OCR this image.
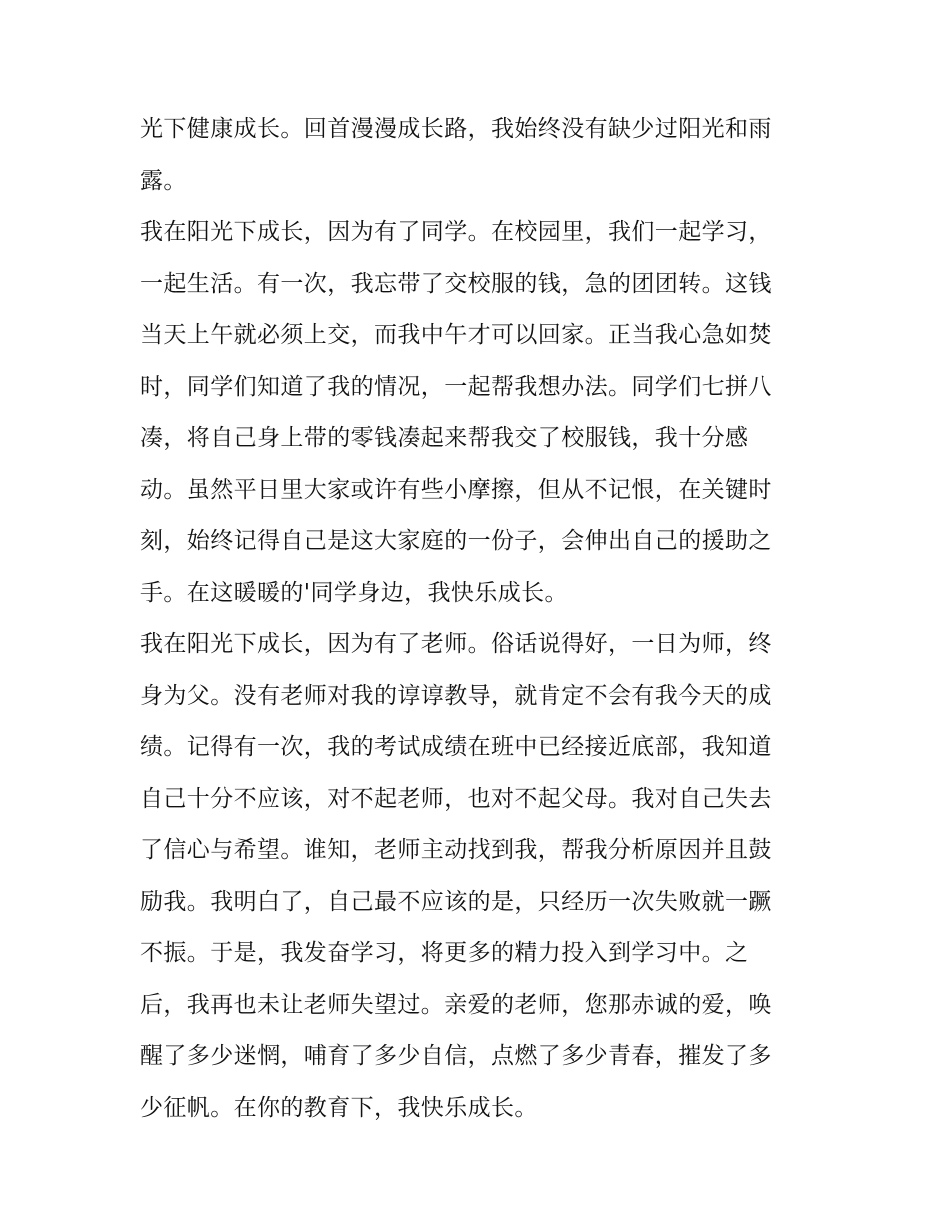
光下健康成长。回首漫漫成长路，我始终没有缺少过阳光和雨
露。
我在阳光下成长，因为有了同学。在校园里，我们一起学习，
一起生活。有一次，我忘带了交校服的钱，急的团团转。这钱
当天上午就必须上交，而我中午才可以回家。正当我心急如焚
时，同学们知道了我的情况，一起帮我想办法。同学们七拼八
凑，将自己身上带的零钱凑起来帮我交了校服钱，我十分感
动。虽然平日里大家或许有些小摩擦，但从不记恨，在关键时
刻，始终记得自己是这大家庭的一份子，会伸出自己的援助之
手。在这暖暖的'同学身边，我快乐成长。
我在阳光下成长，因为有了老师。俗话说得好，一日为师，终
身为父。没有老师对我的谆谆教导，就肯定不会有我今天的成
绩。记得有一次，我的考试成绩在班中已经接近底部，我知道
自己十分不应该，对不起老师，也对不起父母。我对自己失去
了信心与希望。谁知，老师主动找到我，帮我分析原因并且鼓
励我。我明白了，自己最不应该的是，只经历一次失败就一蹶
不振。于是，我发奋学习，将更多的精力投入到学习中。之
后，我再也未让老师失望过。亲爱的老师，您那赤诚的爱，唤
醒了多少迷惘，哺育了多少自信，点燃了多少青春，摧发了多
少征帆。在你的教育下，我快乐成长。
